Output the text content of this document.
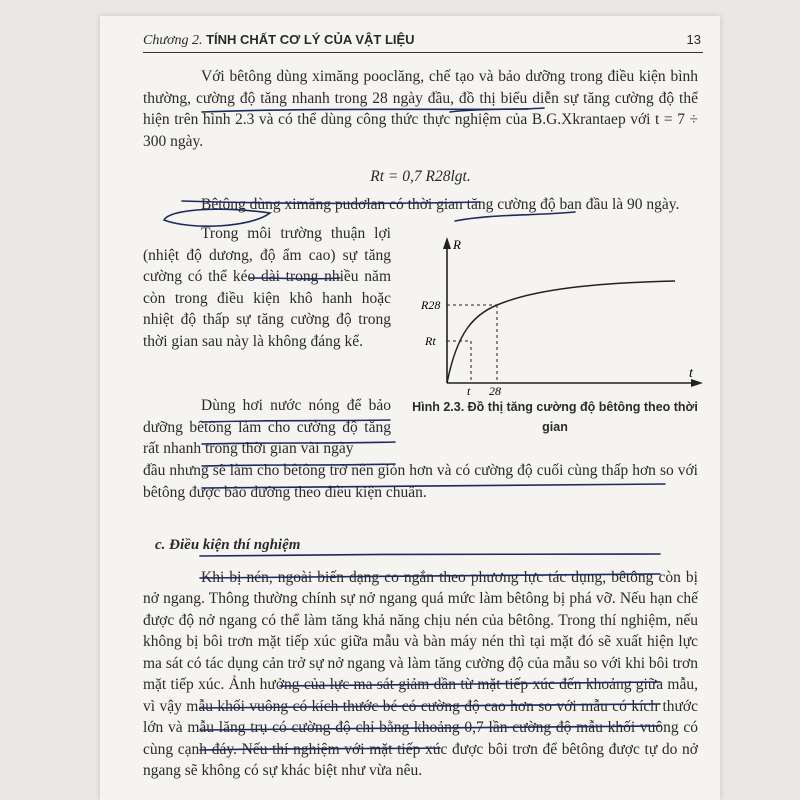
Chương 2. TÍNH CHẤT CƠ LÝ CỦA VẬT LIỆU	13

Với bêtông dùng ximăng pooclăng, chế tạo và bảo dưỡng trong điều kiện bình thường, cường độ tăng nhanh trong 28 ngày đầu, đồ thị biểu diễn sự tăng cường độ thể hiện trên hình 2.3 và có thể dùng công thức thực nghiệm của B.G.Xkrantaep với t = 7 ÷ 300 ngày.

Rt = 0,7 R28lgt.

Bêtông dùng ximăng pudơlan có thời gian tăng cường độ ban đầu là 90 ngày.

Trong môi trường thuận lợi (nhiệt độ dương, độ ẩm cao) sự tăng cường có thể kéo dài trong nhiều năm còn trong điều kiện khô hanh hoặc nhiệt độ thấp sự tăng cường độ trong thời gian sau này là không đáng kể.

R
t
R28
Rt
t 28

Dùng hơi nước nóng để bảo dưỡng bêtông làm cho cường độ tăng rất nhanh trong thời gian vài ngày

Hình 2.3. Đồ thị tăng cường độ bêtông theo thời gian
đầu nhưng sẽ làm cho bêtông trở nên giòn hơn và có cường độ cuối cùng thấp hơn so với bêtông được bảo dưỡng theo điều kiện chuẩn.
c. Điều kiện thí nghiệm

Khi bị nén, ngoài biến dạng co ngắn theo phương lực tác dụng, bêtông còn bị nở ngang. Thông thường chính sự nở ngang quá mức làm bêtông bị phá vỡ. Nếu hạn chế được độ nở ngang có thể làm tăng khả năng chịu nén của bêtông. Trong thí nghiệm, nếu không bị bôi trơn mặt tiếp xúc giữa mẫu và bàn máy nén thì tại mặt đó sẽ xuất hiện lực ma sát có tác dụng cản trở sự nở ngang và làm tăng cường độ của mẫu so với khi bôi trơn mặt tiếp xúc. Ảnh hưởng của lực ma sát giảm dần từ mặt tiếp xúc đến khoảng giữa mẫu, vì vậy mẫu khối vuông có kích thước bé có cường độ cao hơn so với mẫu có kích thước lớn và mẫu lăng trụ có cường độ chỉ bằng khoảng 0,7 lần cường độ mẫu khối vuông có cùng cạnh đáy. Nếu thí nghiệm với mặt tiếp xúc được bôi trơn để bêtông được tự do nở ngang sẽ không có sự khác biệt như vừa nêu.
